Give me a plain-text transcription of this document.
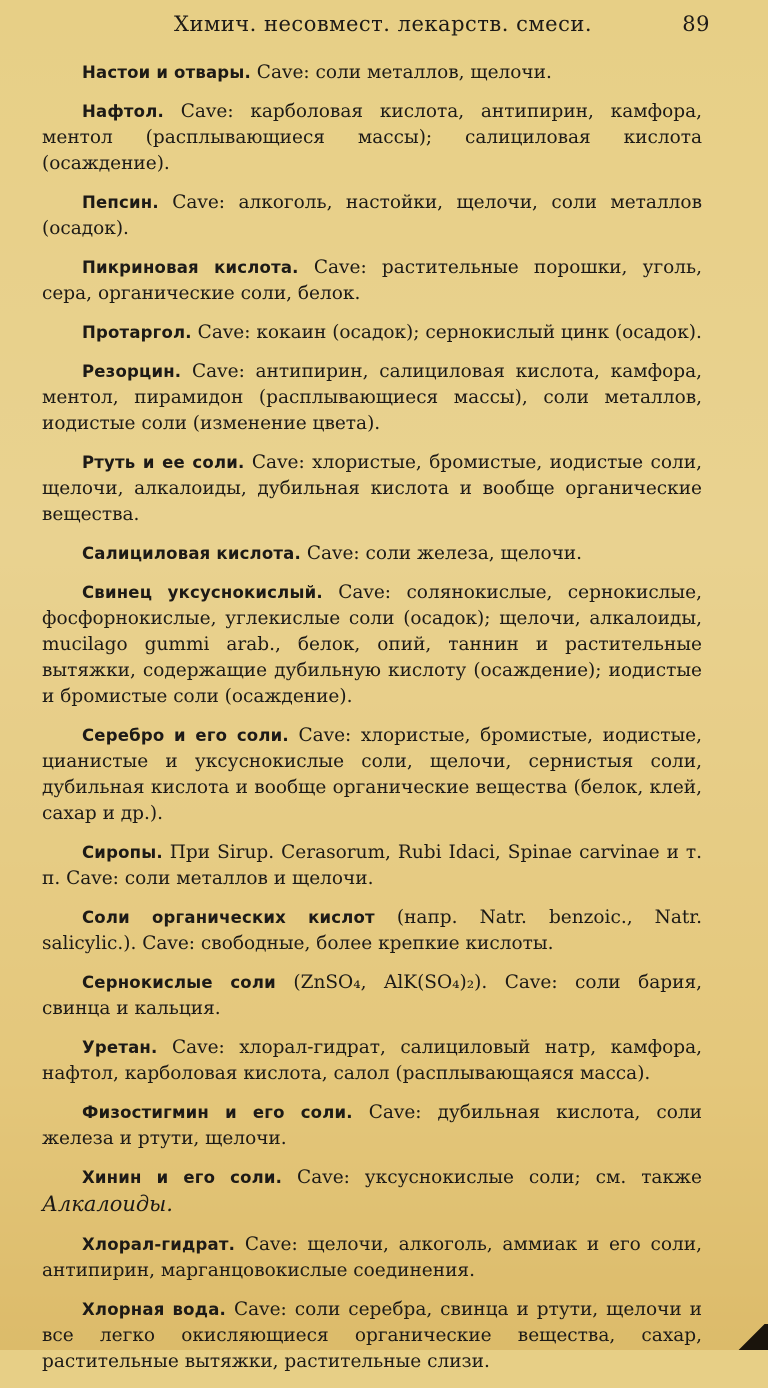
Химич. несовмест. лекарств. смеси.	89

Настои и отвары. Cave: соли металлов, щелочи.

Нафтол. Cave: карболовая кислота, антипирин, камфора, ментол (расплывающиеся массы); салициловая кислота (осаждение).

Пепсин. Cave: алкоголь, настойки, щелочи, соли металлов (осадок).

Пикриновая кислота. Cave: растительные порошки, уголь, сера, органические соли, белок.

Протаргол. Cave: кокаин (осадок); сернокислый цинк (осадок).

Резорцин. Cave: антипирин, салициловая кислота, камфора, ментол, пирамидон (расплывающиеся массы), соли металлов, иодистые соли (изменение цвета).

Ртуть и ее соли. Cave: хлористые, бромистые, иодистые соли, щелочи, алкалоиды, дубильная кислота и вообще органические вещества.

Салициловая кислота. Cave: соли железа, щелочи.

Свинец уксуснокислый. Cave: солянокислые, сернокислые, фосфорнокислые, углекислые соли (осадок); щелочи, алкалоиды, mucilago gummi arab., белок, опий, таннин и растительные вытяжки, содержащие дубильную кислоту (осаждение); иодистые и бромистые соли (осаждение).

Серебро и его соли. Cave: хлористые, бромистые, иодистые, цианистые и уксуснокислые соли, щелочи, сернистыя соли, дубильная кислота и вообще органические вещества (белок, клей, сахар и др.).

Сиропы. При Sirup. Cerasorum, Rubi Idaci, Spinae carvinae и т. п. Cave: соли металлов и щелочи.

Соли органических кислот (напр. Natr. benzoic., Natr. salicylic.). Cave: свободные, более крепкие кислоты.

Сернокислые соли (ZnSO₄, AlK(SO₄)₂). Cave: соли бария, свинца и кальция.

Уретан. Cave: хлорал-гидрат, салициловый натр, камфора, нафтол, карболовая кислота, салол (расплывающаяся масса).

Физостигмин и его соли. Cave: дубильная кислота, соли железа и ртути, щелочи.

Хинин и его соли. Cave: уксуснокислые соли; см. также Алкалоиды.

Хлорал-гидрат. Cave: щелочи, алкоголь, аммиак и его соли, антипирин, марганцовокислые соединения.

Хлорная вода. Cave: соли серебра, свинца и ртути, щелочи и все легко окисляющиеся органические вещества, сахар, растительные вытяжки, растительные слизи.
